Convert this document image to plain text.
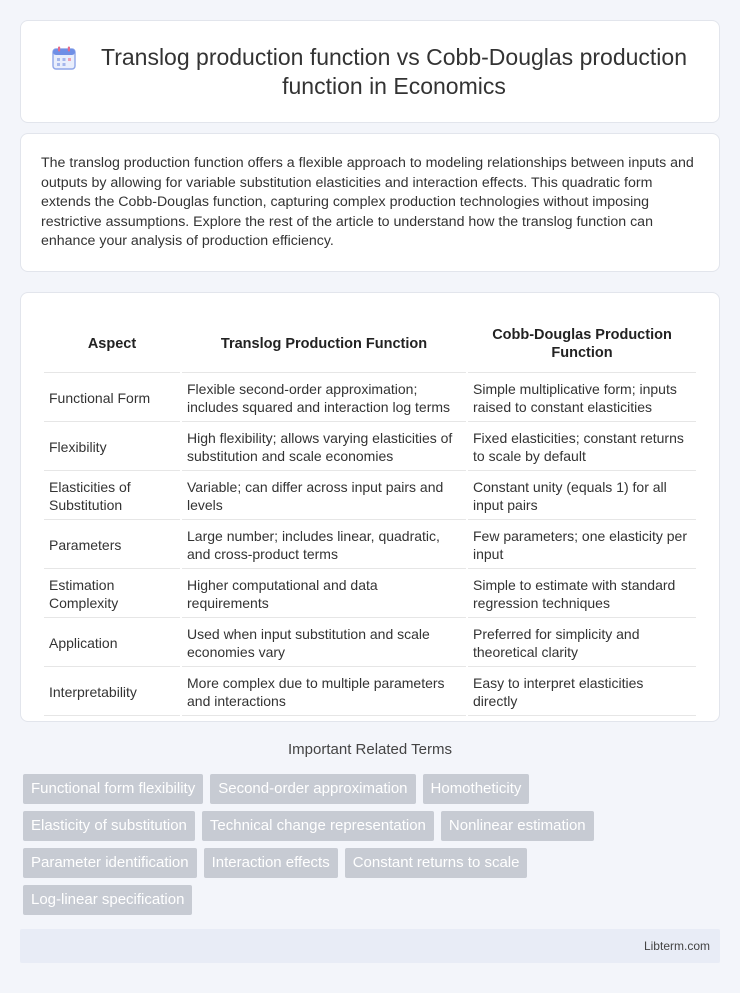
Translog production function vs Cobb-Douglas production function in Economics

The translog production function offers a flexible approach to modeling relationships between inputs and outputs by allowing for variable substitution elasticities and interaction effects. This quadratic form extends the Cobb-Douglas function, capturing complex production technologies without imposing restrictive assumptions. Explore the rest of the article to understand how the translog function can enhance your analysis of production efficiency.

Aspect	Translog Production Function	Cobb-Douglas Production Function
Functional Form	Flexible second-order approximation; includes squared and interaction log terms	Simple multiplicative form; inputs raised to constant elasticities
Flexibility	High flexibility; allows varying elasticities of substitution and scale economies	Fixed elasticities; constant returns to scale by default
Elasticities of Substitution	Variable; can differ across input pairs and levels	Constant unity (equals 1) for all input pairs
Parameters	Large number; includes linear, quadratic, and cross-product terms	Few parameters; one elasticity per input
Estimation Complexity	Higher computational and data requirements	Simple to estimate with standard regression techniques
Application	Used when input substitution and scale economies vary	Preferred for simplicity and theoretical clarity
Interpretability	More complex due to multiple parameters and interactions	Easy to interpret elasticities directly
Important Related Terms
Functional form flexibility	Second-order approximation	Homotheticity
Elasticity of substitution	Technical change representation	Nonlinear estimation
Parameter identification	Interaction effects	Constant returns to scale
Log-linear specification
Libterm.com
